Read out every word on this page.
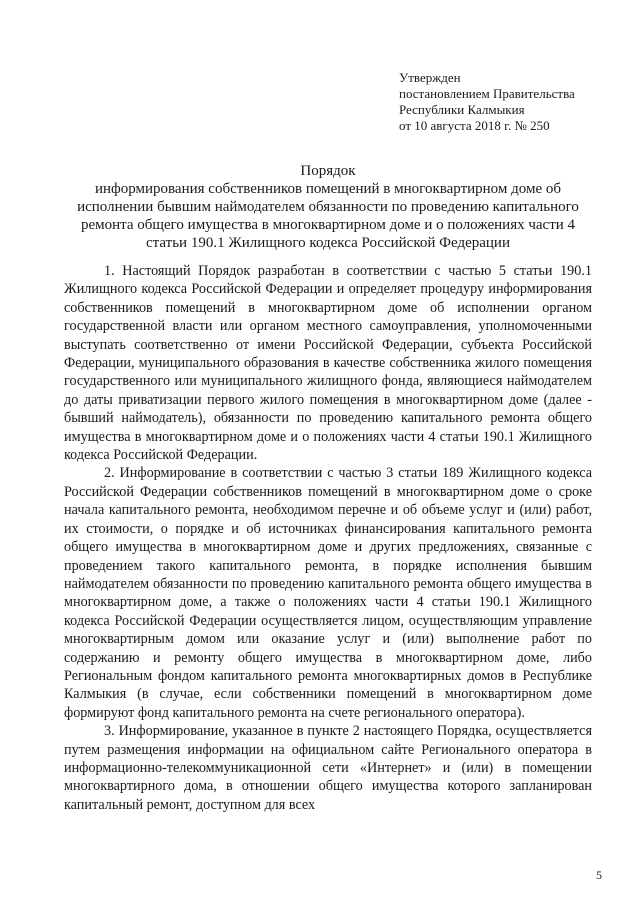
Утвержден
постановлением Правительства
Республики Калмыкия
от 10 августа 2018 г. № 250
Порядок
информирования собственников помещений в многоквартирном доме об исполнении бывшим наймодателем обязанности по проведению капитального ремонта общего имущества в многоквартирном доме и о положениях части 4 статьи 190.1 Жилищного кодекса Российской Федерации

1. Настоящий Порядок разработан в соответствии с частью 5 статьи 190.1 Жилищного кодекса Российской Федерации и определяет процедуру информирования собственников помещений в многоквартирном доме об исполнении органом государственной власти или органом местного самоуправления, уполномоченными выступать соответственно от имени Российской Федерации, субъекта Российской Федерации, муниципального образования в качестве собственника жилого помещения государственного или муниципального жилищного фонда, являющиеся наймодателем до даты приватизации первого жилого помещения в многоквартирном доме (далее - бывший наймодатель), обязанности по проведению капитального ремонта общего имущества в многоквартирном доме и о положениях части 4 статьи 190.1 Жилищного кодекса Российской Федерации.

2. Информирование в соответствии с частью 3 статьи 189 Жилищного кодекса Российской Федерации собственников помещений в многоквартирном доме о сроке начала капитального ремонта, необходимом перечне и об объеме услуг и (или) работ, их стоимости, о порядке и об источниках финансирования капитального ремонта общего имущества в многоквартирном доме и других предложениях, связанные с проведением такого капитального ремонта, в порядке исполнения бывшим наймодателем обязанности по проведению капитального ремонта общего имущества в многоквартирном доме, а также о положениях части 4 статьи 190.1 Жилищного кодекса Российской Федерации осуществляется лицом, осуществляющим управление многоквартирным домом или оказание услуг и (или) выполнение работ по содержанию и ремонту общего имущества в многоквартирном доме, либо Региональным фондом капитального ремонта многоквартирных домов в Республике Калмыкия (в случае, если собственники помещений в многоквартирном доме формируют фонд капитального ремонта на счете регионального оператора).

3. Информирование, указанное в пункте 2 настоящего Порядка, осуществляется путем размещения информации на официальном сайте Регионального оператора в информационно-телекоммуникационной сети «Интернет» и (или) в помещении многоквартирного дома, в отношении общего имущества которого запланирован капитальный ремонт, доступном для всех

5
